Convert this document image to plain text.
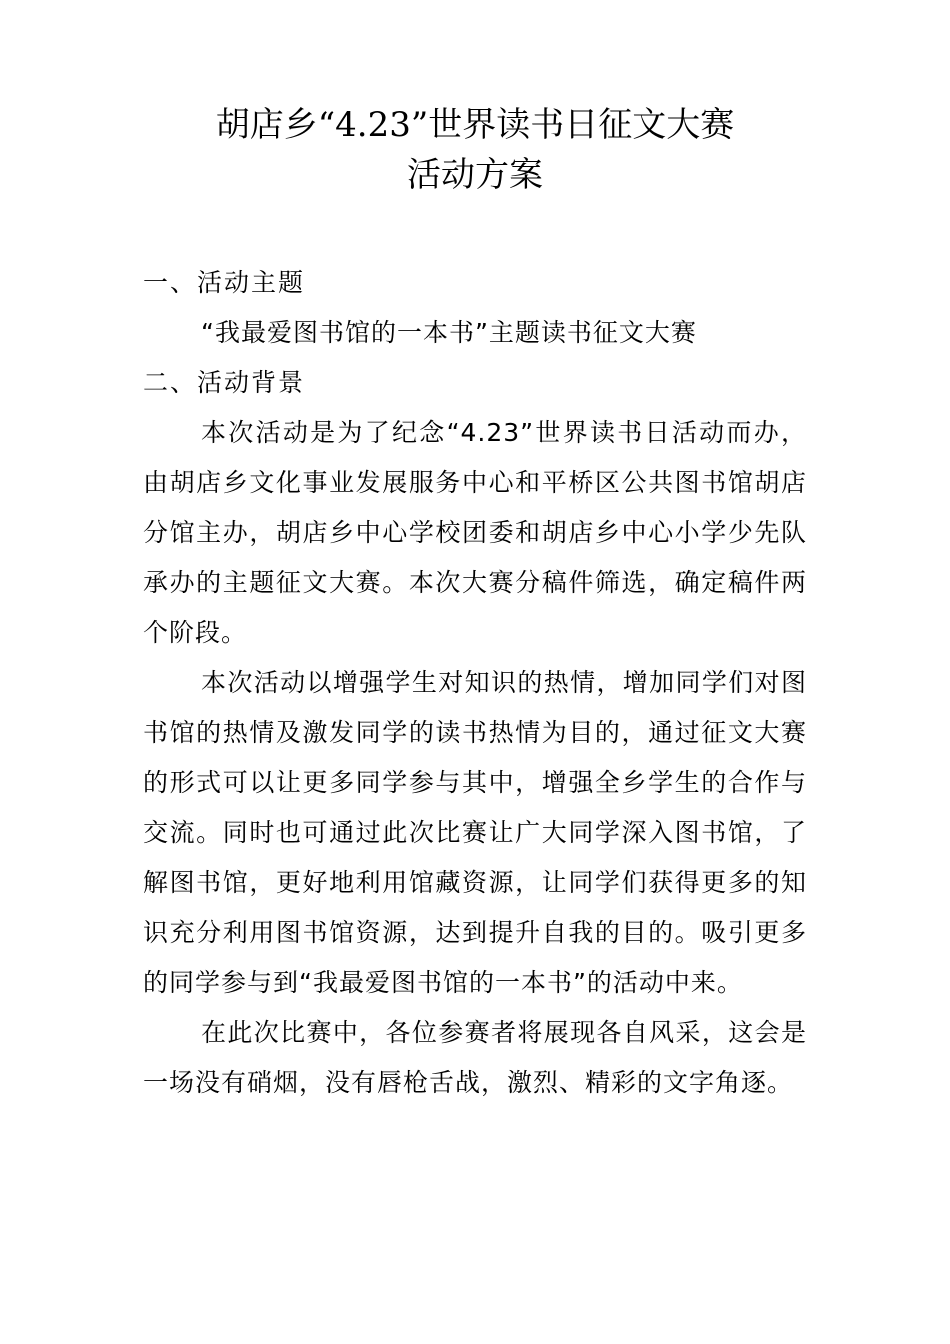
胡店乡“4.23”世界读书日征文大赛
活动方案

一、活动主题

“我最爱图书馆的一本书”主题读书征文大赛

二、活动背景

本次活动是为了纪念“4.23”世界读书日活动而办，由胡店乡文化事业发展服务中心和平桥区公共图书馆胡店分馆主办，胡店乡中心学校团委和胡店乡中心小学少先队承办的主题征文大赛。本次大赛分稿件筛选，确定稿件两个阶段。

本次活动以增强学生对知识的热情，增加同学们对图书馆的热情及激发同学的读书热情为目的，通过征文大赛的形式可以让更多同学参与其中，增强全乡学生的合作与交流。同时也可通过此次比赛让广大同学深入图书馆，了解图书馆，更好地利用馆藏资源，让同学们获得更多的知识充分利用图书馆资源，达到提升自我的目的。吸引更多的同学参与到“我最爱图书馆的一本书”的活动中来。

在此次比赛中，各位参赛者将展现各自风采，这会是一场没有硝烟，没有唇枪舌战，激烈、精彩的文字角逐。
